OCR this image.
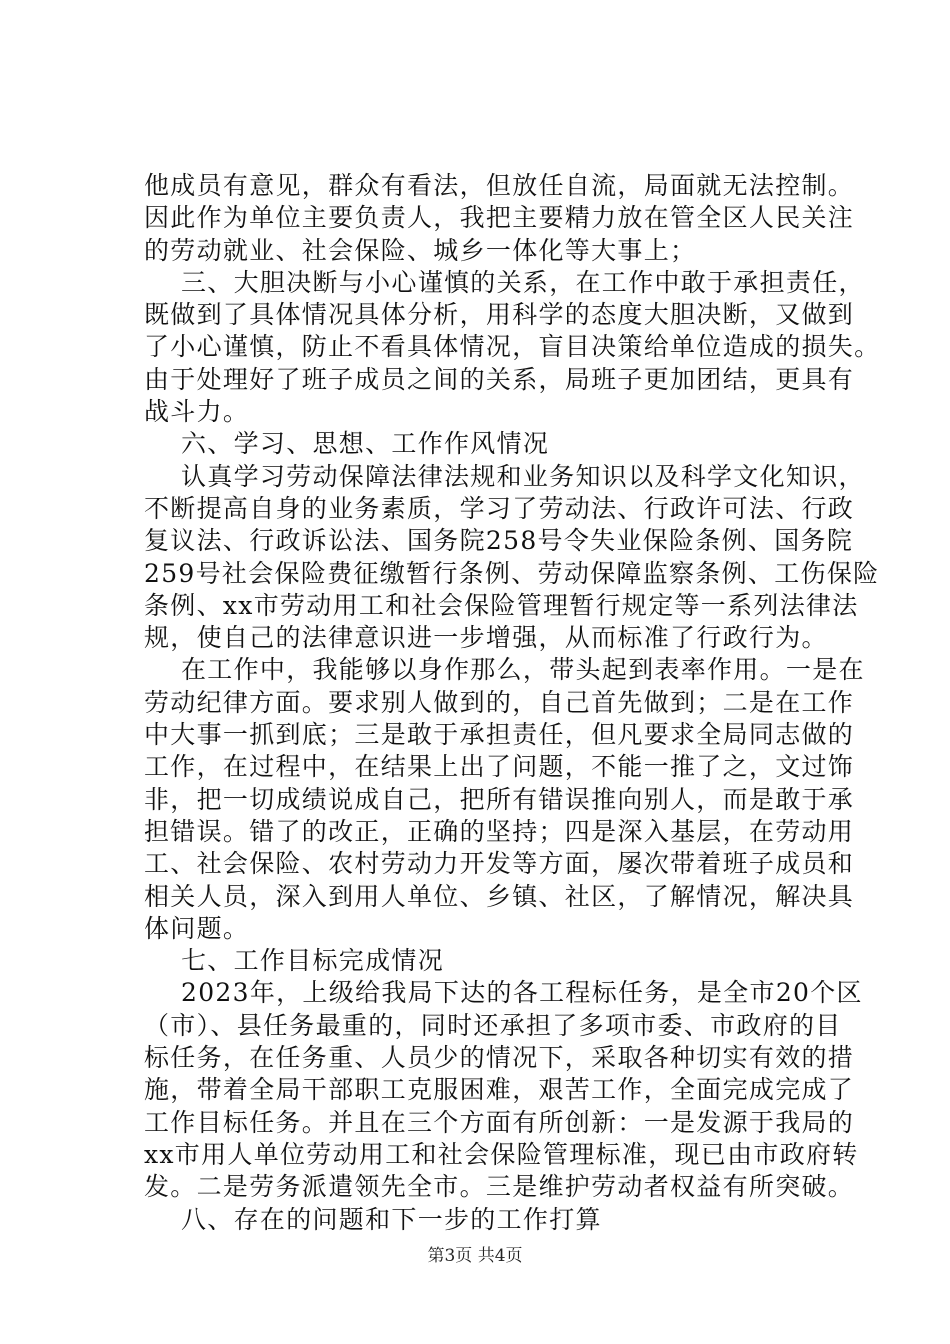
他成员有意见，群众有看法，但放任自流，局面就无法控制。
因此作为单位主要负责人，我把主要精力放在管全区人民关注
的劳动就业、社会保险、城乡一体化等大事上；
三、大胆决断与小心谨慎的关系，在工作中敢于承担责任，
既做到了具体情况具体分析，用科学的态度大胆决断，又做到
了小心谨慎，防止不看具体情况，盲目决策给单位造成的损失。
由于处理好了班子成员之间的关系，局班子更加团结，更具有
战斗力。
六、学习、思想、工作作风情况
认真学习劳动保障法律法规和业务知识以及科学文化知识，
不断提高自身的业务素质，学习了劳动法、行政许可法、行政
复议法、行政诉讼法、国务院258号令失业保险条例、国务院
259号社会保险费征缴暂行条例、劳动保障监察条例、工伤保险
条例、xx市劳动用工和社会保险管理暂行规定等一系列法律法
规，使自己的法律意识进一步增强，从而标准了行政行为。
在工作中，我能够以身作那么，带头起到表率作用。一是在
劳动纪律方面。要求别人做到的，自己首先做到；二是在工作
中大事一抓到底；三是敢于承担责任，但凡要求全局同志做的
工作，在过程中，在结果上出了问题，不能一推了之，文过饰
非，把一切成绩说成自己，把所有错误推向别人，而是敢于承
担错误。错了的改正，正确的坚持；四是深入基层，在劳动用
工、社会保险、农村劳动力开发等方面，屡次带着班子成员和
相关人员，深入到用人单位、乡镇、社区，了解情况，解决具
体问题。
七、工作目标完成情况
2023年，上级给我局下达的各工程标任务，是全市20个区
（市）、县任务最重的，同时还承担了多项市委、市政府的目
标任务，在任务重、人员少的情况下，采取各种切实有效的措
施，带着全局干部职工克服困难，艰苦工作，全面完成完成了
工作目标任务。并且在三个方面有所创新：一是发源于我局的
xx市用人单位劳动用工和社会保险管理标准，现已由市政府转
发。二是劳务派遣领先全市。三是维护劳动者权益有所突破。
八、存在的问题和下一步的工作打算
第3页 共4页
